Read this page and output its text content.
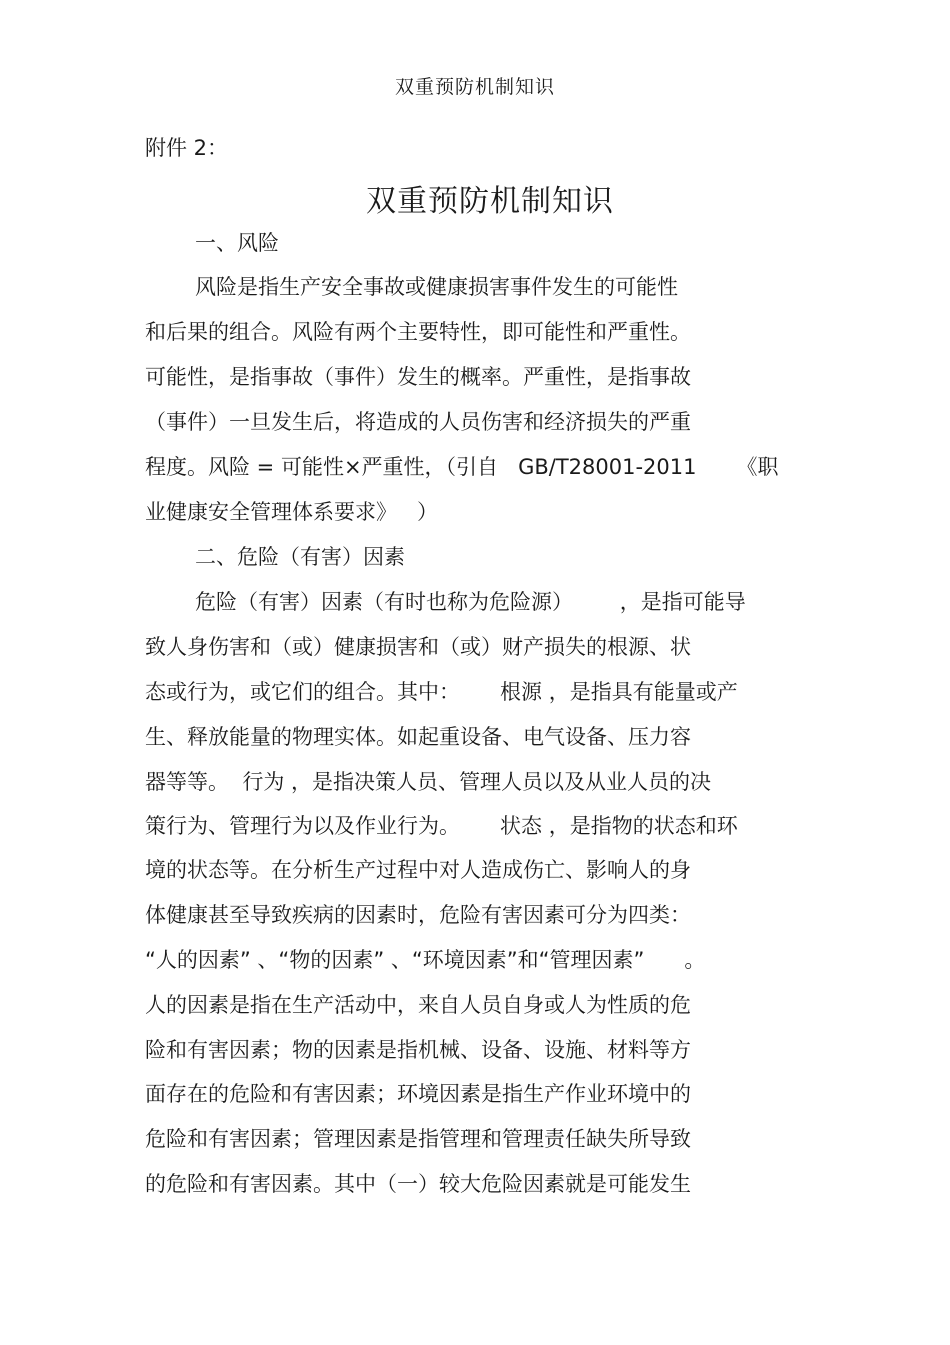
双重预防机制知识
附件 2：
双重预防机制知识
一、风险
风险是指生产安全事故或健康损害事件发生的可能性
和后果的组合。风险有两个主要特性，即可能性和严重性。
可能性，是指事故（事件）发生的概率。严重性，是指事故
（事件）一旦发生后，将造成的人员伤害和经济损失的严重
程度。风险 = 可能性×严重性，（引自   GB/T28001-2011      《职
业健康安全管理体系要求》   ）
二、危险（有害）因素
危险（有害）因素（有时也称为危险源）       ，是指可能导
致人身伤害和（或）健康损害和（或）财产损失的根源、状
态或行为，或它们的组合。其中：      根源 ，是指具有能量或产
生、释放能量的物理实体。如起重设备、电气设备、压力容
器等等。  行为 ，是指决策人员、管理人员以及从业人员的决
策行为、管理行为以及作业行为。      状态 ，是指物的状态和环
境的状态等。在分析生产过程中对人造成伤亡、影响人的身
体健康甚至导致疾病的因素时，危险有害因素可分为四类：
“人的因素” 、“物的因素” 、“环境因素”和“管理因素”      。
人的因素是指在生产活动中，来自人员自身或人为性质的危
险和有害因素；物的因素是指机械、设备、设施、材料等方
面存在的危险和有害因素；环境因素是指生产作业环境中的
危险和有害因素；管理因素是指管理和管理责任缺失所导致
的危险和有害因素。其中（一）较大危险因素就是可能发生
